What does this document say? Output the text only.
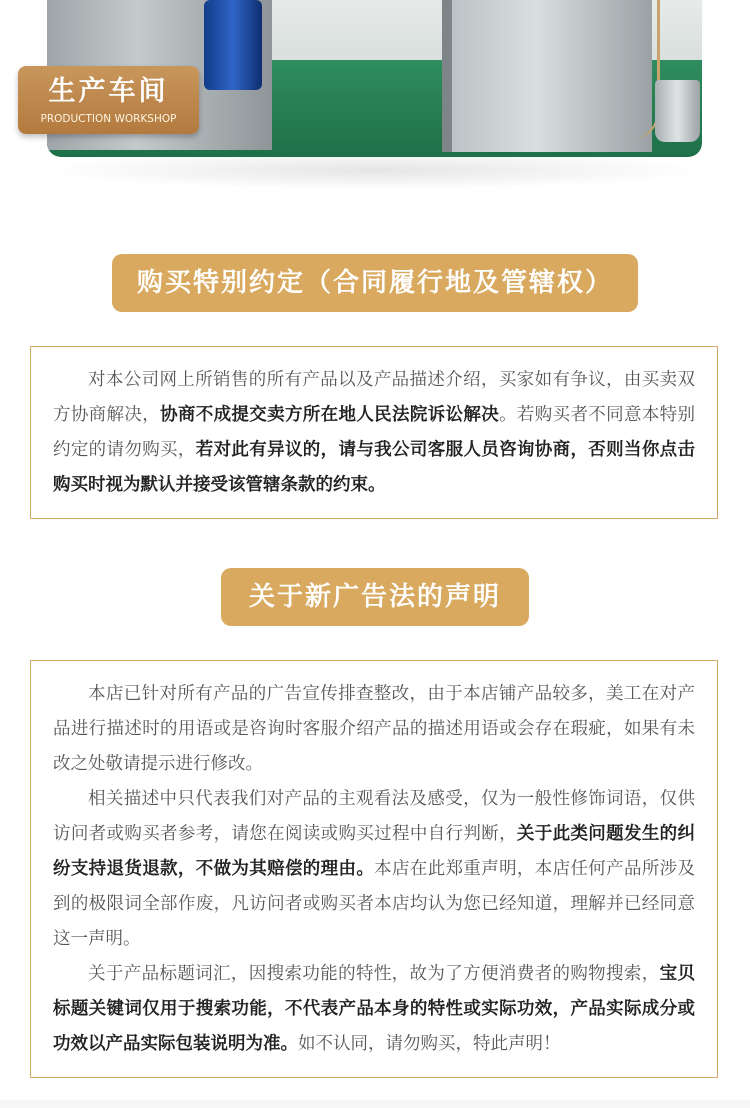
生产车间
PRODUCTION WORKSHOP
购买特别约定（合同履行地及管辖权）

对本公司网上所销售的所有产品以及产品描述介绍，买家如有争议，由买卖双方协商解决，协商不成提交卖方所在地人民法院诉讼解决。若购买者不同意本特别约定的请勿购买，若对此有异议的，请与我公司客服人员咨询协商，否则当你点击购买时视为默认并接受该管辖条款的约束。

关于新广告法的声明

本店已针对所有产品的广告宣传排查整改，由于本店铺产品较多，美工在对产品进行描述时的用语或是咨询时客服介绍产品的描述用语或会存在瑕疵，如果有未改之处敬请提示进行修改。

相关描述中只代表我们对产品的主观看法及感受，仅为一般性修饰词语，仅供访问者或购买者参考，请您在阅读或购买过程中自行判断，关于此类问题发生的纠纷支持退货退款，不做为其赔偿的理由。本店在此郑重声明，本店任何产品所涉及到的极限词全部作废，凡访问者或购买者本店均认为您已经知道，理解并已经同意这一声明。

关于产品标题词汇，因搜索功能的特性，故为了方便消费者的购物搜索，宝贝标题关键词仅用于搜索功能，不代表产品本身的特性或实际功效，产品实际成分或功效以产品实际包装说明为准。如不认同，请勿购买，特此声明！
